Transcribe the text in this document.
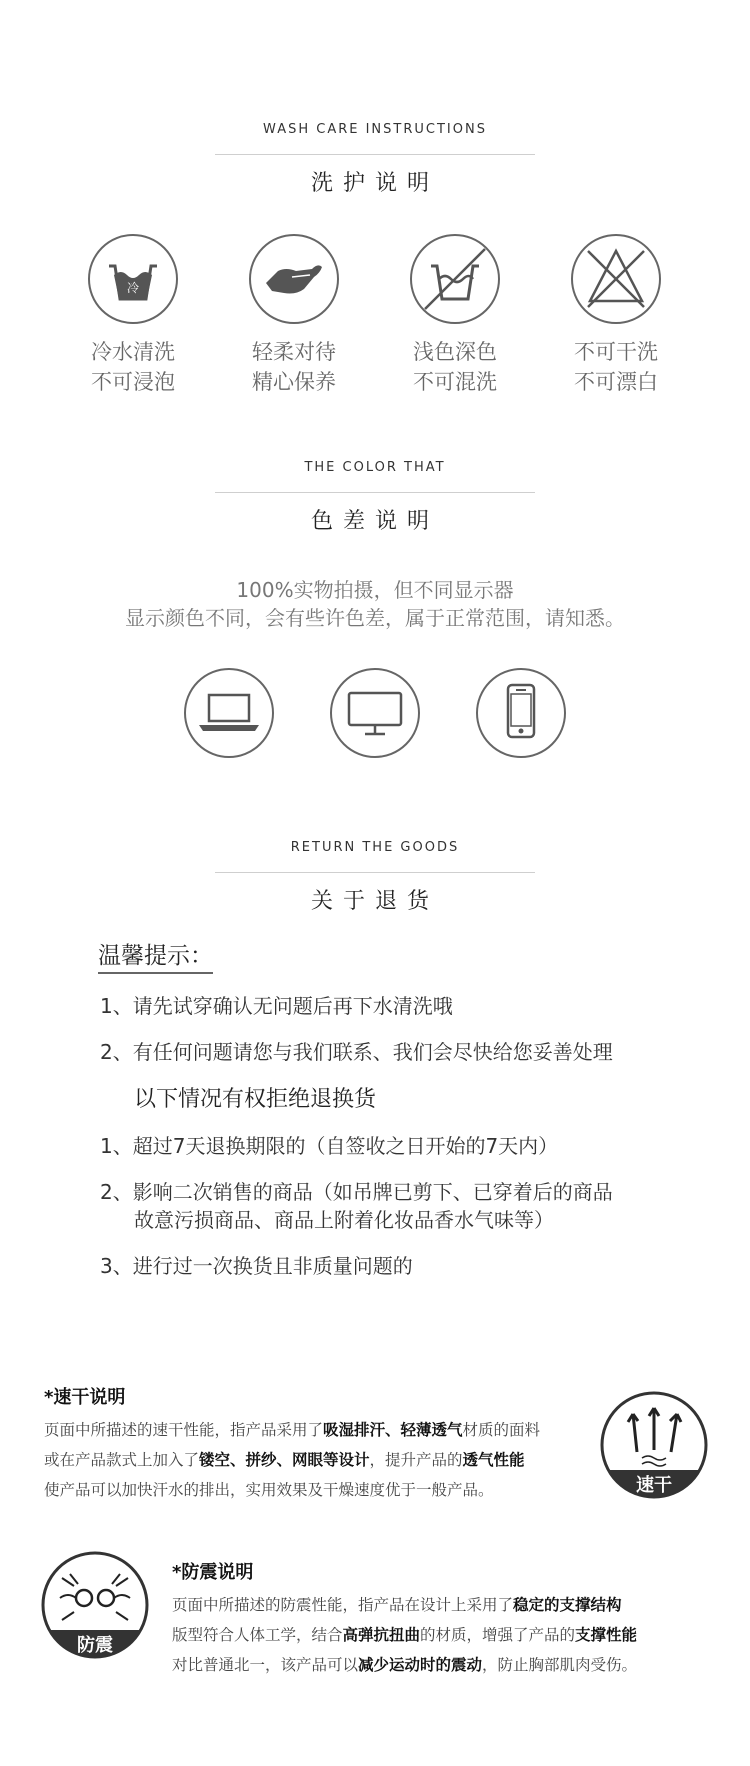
WASH CARE INSTRUCTIONS
洗护说明
冷
冷水清洗
不可浸泡
轻柔对待
精心保养
浅色深色
不可混洗
不可干洗
不可漂白
THE COLOR THAT
色差说明
100%实物拍摄，但不同显示器
显示颜色不同，会有些许色差，属于正常范围，请知悉。
RETURN THE GOODS
关于退货
温馨提示：
1、请先试穿确认无问题后再下水清洗哦
2、有任何问题请您与我们联系、我们会尽快给您妥善处理
以下情况有权拒绝退换货
1、超过7天退换期限的（自签收之日开始的7天内）
2、影响二次销售的商品（如吊牌已剪下、已穿着后的商品
故意污损商品、商品上附着化妆品香水气味等）
3、进行过一次换货且非质量问题的
*速干说明
页面中所描述的速干性能，指产品采用了吸湿排汗、轻薄透气材质的面料
或在产品款式上加入了镂空、拼纱、网眼等设计，提升产品的透气性能
使产品可以加快汗水的排出，实用效果及干燥速度优于一般产品。	速干
防震
*防震说明
页面中所描述的防震性能，指产品在设计上采用了稳定的支撑结构
版型符合人体工学，结合高弹抗扭曲的材质，增强了产品的支撑性能
对比普通北一，该产品可以减少运动时的震动，防止胸部肌肉受伤。
